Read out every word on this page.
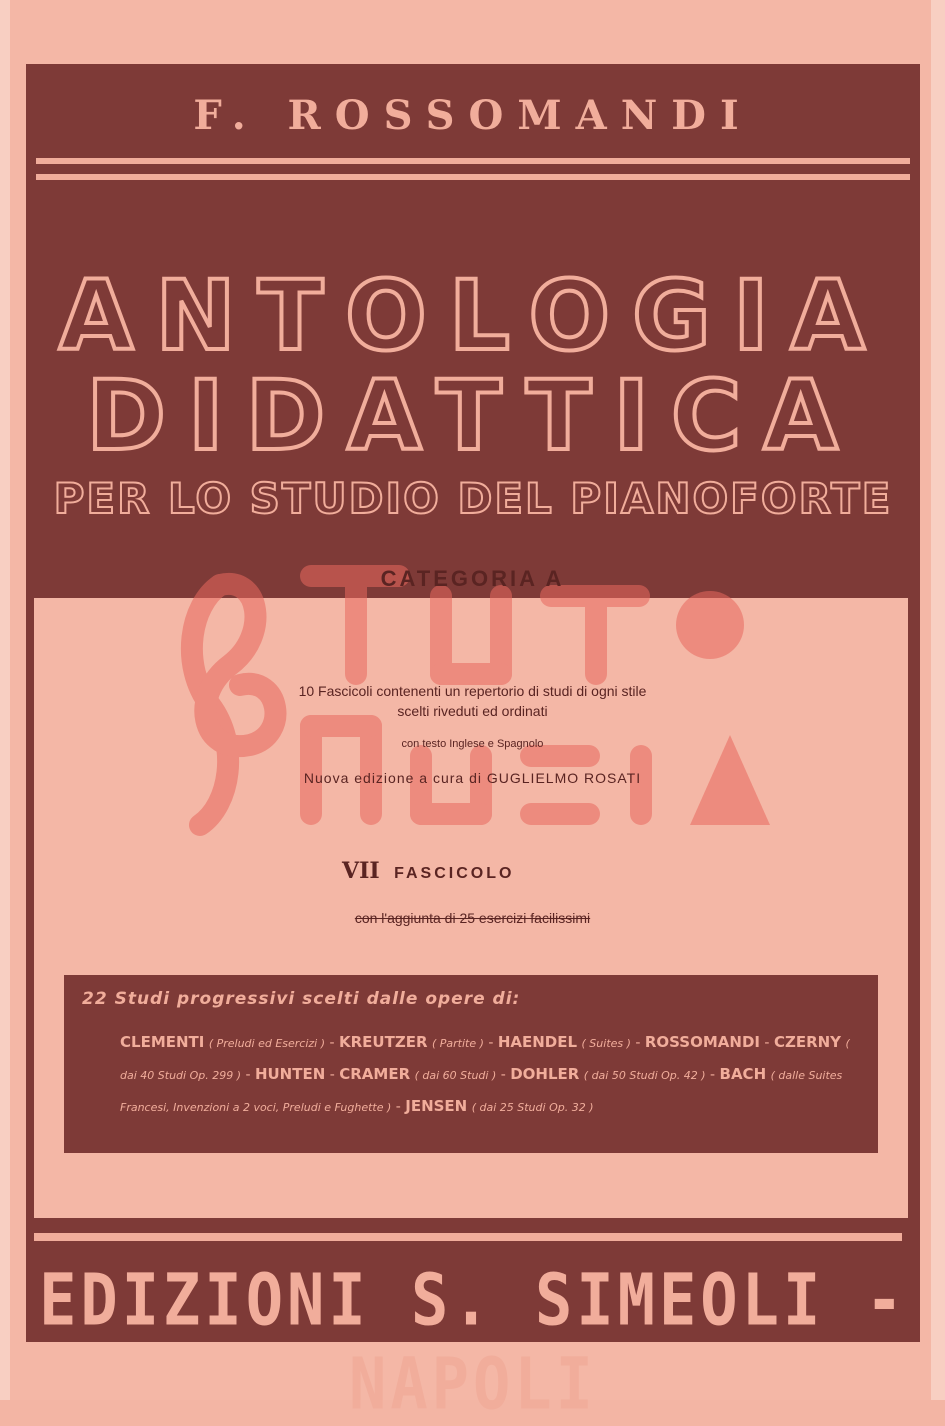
F. ROSSOMANDI
ANTOLOGIA
DIDATTICA
PER LO STUDIO DEL PIANOFORTE
CATEGORIA A
10 Fascicoli contenenti un repertorio di studi di ogni stile
scelti riveduti ed ordinati
con testo Inglese e Spagnolo
Nuova edizione a cura di GUGLIELMO ROSATI
VII FASCICOLO
con l'aggiunta di 25 esercizi facilissimi
22 Studi progressivi scelti dalle opere di:
CLEMENTI ( Preludi ed Esercizi ) - KREUTZER ( Partite ) - HAENDEL ( Suites ) - ROSSOMANDI - CZERNY ( dai 40 Studi Op. 299 ) - HUNTEN - CRAMER ( dai 60 Studi ) - DOHLER ( dai 50 Studi Op. 42 ) - BACH ( dalle Suites Francesi, Invenzioni a 2 voci, Preludi e Fughette ) - JENSEN ( dai 25 Studi Op. 32 )
EDIZIONI S. SIMEOLI - NAPOLI
